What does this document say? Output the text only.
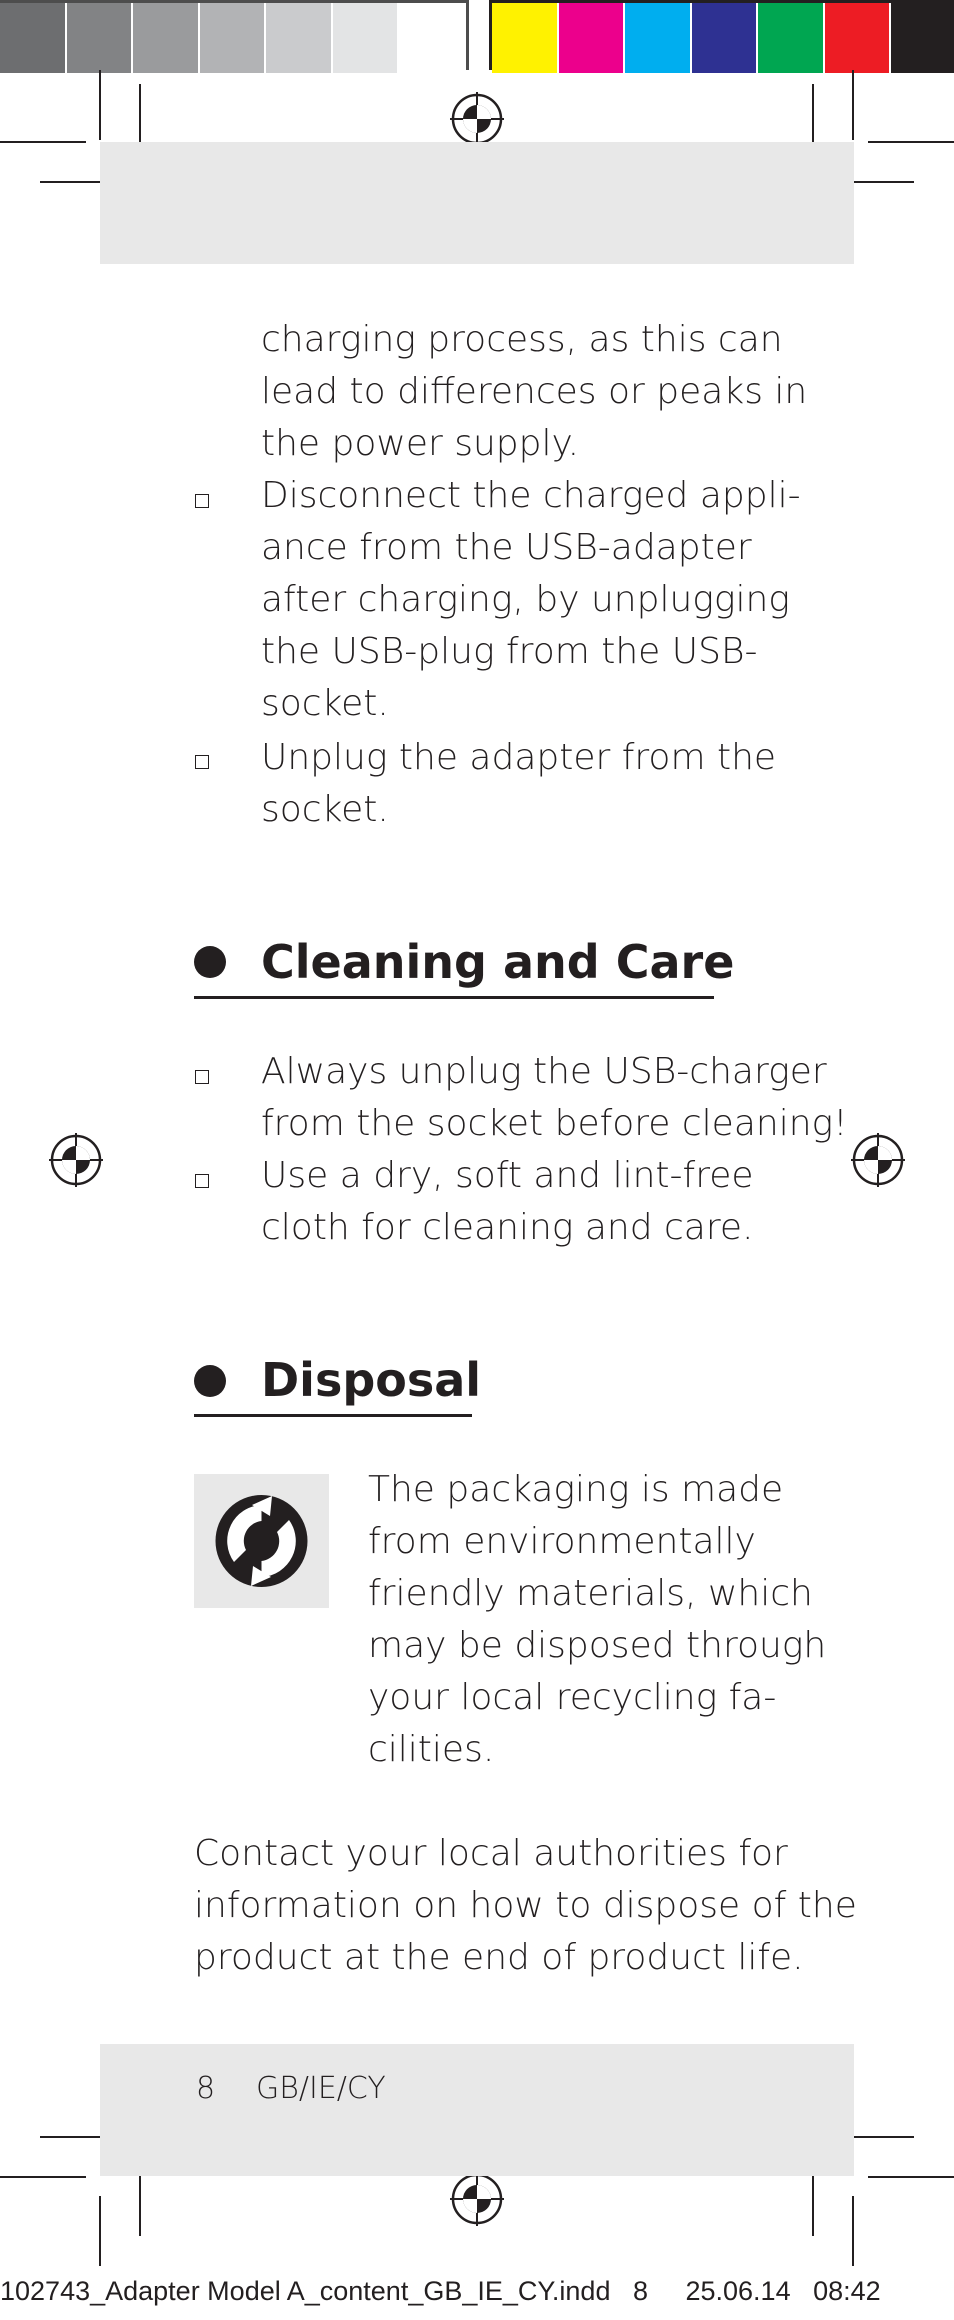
charging process, as this can
lead to differences or peaks in
the power supply.
Disconnect the charged appli-
ance from the USB-adapter
after charging, by unplugging
the USB-plug from the USB-
socket.
Unplug the adapter from the
socket.
Cleaning and Care
Always unplug the USB-charger
from the socket before cleaning!
Use a dry, soft and lint-free
cloth for cleaning and care.
Disposal
The packaging is made
from environmentally
friendly materials, which
may be disposed through
your local recycling fa-
cilities.
Contact your local authorities for
information on how to dispose of the
product at the end of product life.
8 GB/IE/CY
102743_Adapter Model A_content_GB_IE_CY.indd   8     25.06.14   08:42
